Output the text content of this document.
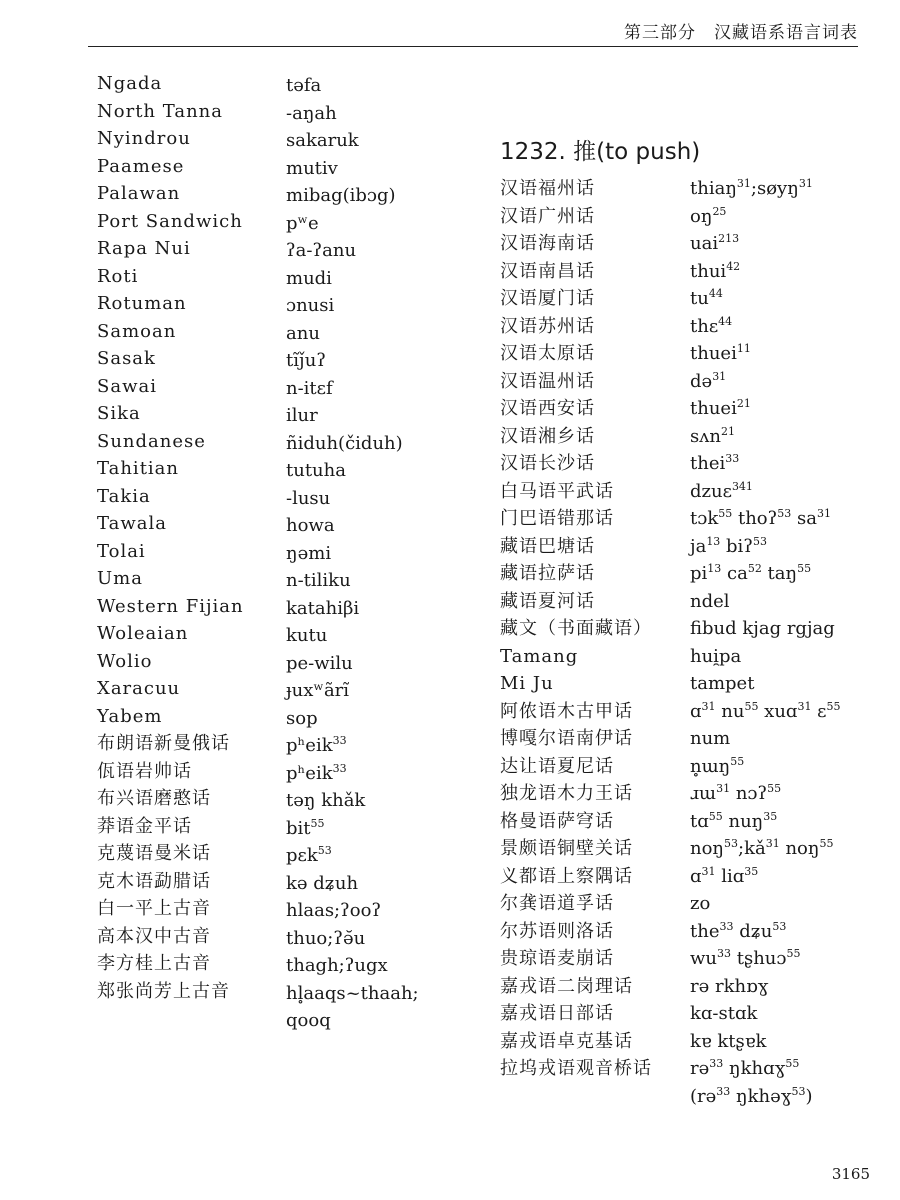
第三部分　汉藏语系语言词表
Ngada
North Tanna
Nyindrou
Paamese
Palawan
Port Sandwich
Rapa Nui
Roti
Rotuman
Samoan
Sasak
Sawai
Sika
Sundanese
Tahitian
Takia
Tawala
Tolai
Uma
Western Fijian
Woleaian
Wolio
Xaracuu
Yabem
布朗语新曼俄话
佤语岩帅话
布兴语磨憨话
莽语金平话
克蔑语曼米话
克木语勐腊话
白一平上古音
高本汉中古音
李方桂上古音
郑张尚芳上古音
təfa
-aŋah
sakaruk
mutiv
mibag(ibɔg)
pʷe
ʔa-ʔanu
mudi
ɔnusi
anu
tĩǰuʔ
n-itɛf
ilur
ñiduh(čiduh)
tutuha
-lusu
howa
ŋəmi
n-tiliku
katahiβi
kutu
pe-wilu
ɟuxʷãrĩ
sop
pʰeik$^{33}$
pʰeik$^{33}$
təŋ khǎk
bit$^{55}$
pɛk$^{53}$
kə dʑuh
hlaas;ʔooʔ
thuo;ʔǝ̆u
thagh;ʔugx
hl̥aaqs~thaah;
qooq
1232. 推(to push)
汉语福州话
汉语广州话
汉语海南话
汉语南昌话
汉语厦门话
汉语苏州话
汉语太原话
汉语温州话
汉语西安话
汉语湘乡话
汉语长沙话
白马语平武话
门巴语错那话
藏语巴塘话
藏语拉萨话
藏语夏河话
藏文（书面藏语）
Tamang
Mi Ju
阿侬语木古甲话
博嘎尔语南伊话
达让语夏尼话
独龙语木力王话
格曼语萨穹话
景颇语铜壁关话
义都语上察隅话
尔龚语道孚话
尔苏语则洛话
贵琼语麦崩话
嘉戎语二岗理话
嘉戎语日部话
嘉戎语卓克基话
拉坞戎语观音桥话
thiaŋ$^{31}$;søyŋ$^{31}$
$oŋ^{25}$
uai$^{213}$
thui$^{42}$
$tu^{44}$
thɛ$^{44}$
thuei$^{11}$
də$^{31}$
thuei$^{21}$
sʌn$^{21}$
thei$^{33}$
dzuɛ$^{341}$
tɔk$^{55}$ thoʔ$^{53}$ $sa^{31}$
$ja^{13}$ biʔ$^{53}$
$pi^{13}$ $ca^{52}$ taŋ$^{55}$
ndel
fibud kjag rgjag
hui̯pa
tampet
ɑ$^{31}$ $nu^{55}$ xuɑ$^{31}$ ɛ$^{55}$
num
n̥ɯŋ$^{55}$
ɹɯ$^{31}$ nɔʔ$^{55}$
tɑ$^{55}$ nuŋ$^{35}$
$noŋ^{53};kǎ^{31}$ noŋ$^{55}$
ɑ$^{31}$ liɑ$^{35}$
zo
the$^{33}$ dʑu$^{53}$
$wu^{33}$ tʂhuɔ$^{55}$
rə rkhɒɣ
kɑ-stɑk
kɐ ktʂɐk
rə$^{33}$ ŋkhɑɣ$^{55}$
(rə$^{33}$ ŋkhəɣ$^{53}$)
3165
